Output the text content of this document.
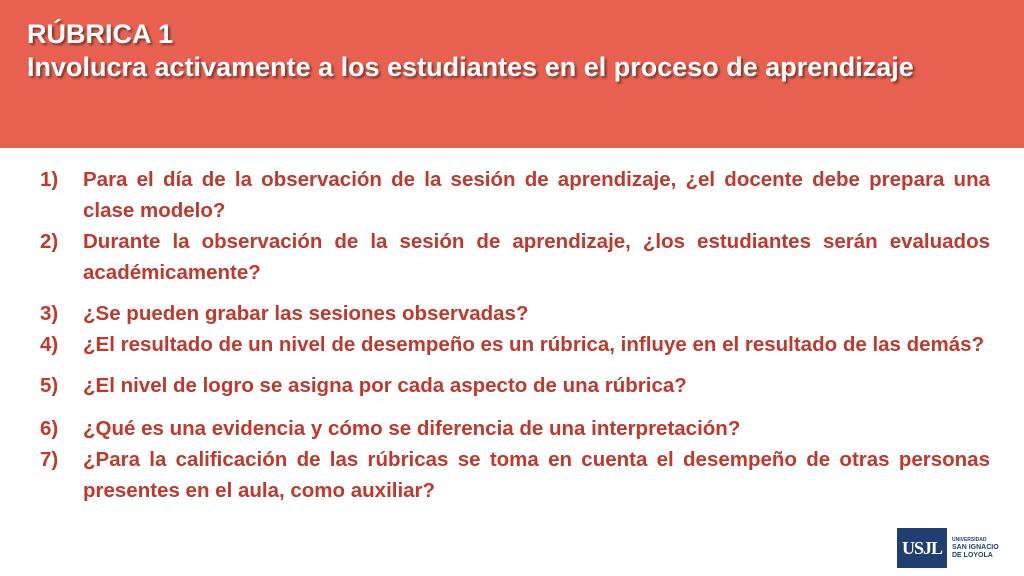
RÚBRICA 1
Involucra activamente a los estudiantes en el proceso de aprendizaje
1) Para el día de la observación de la sesión de aprendizaje, ¿el docente debe prepara una clase modelo?
2) Durante la observación de la sesión de aprendizaje, ¿los estudiantes serán evaluados académicamente?
3) ¿Se pueden grabar las sesiones observadas?
4) ¿El resultado de un nivel de desempeño es un rúbrica, influye en el resultado de las demás?
5) ¿El nivel de logro se asigna por cada aspecto de una rúbrica?
6) ¿Qué es una evidencia y cómo se diferencia de una interpretación?
7) ¿Para la calificación de las rúbricas se toma en cuenta el desempeño de otras personas presentes en el aula, como auxiliar?
USJL	UNIVERSIDAD
SAN IGNACIO
DE LOYOLA
